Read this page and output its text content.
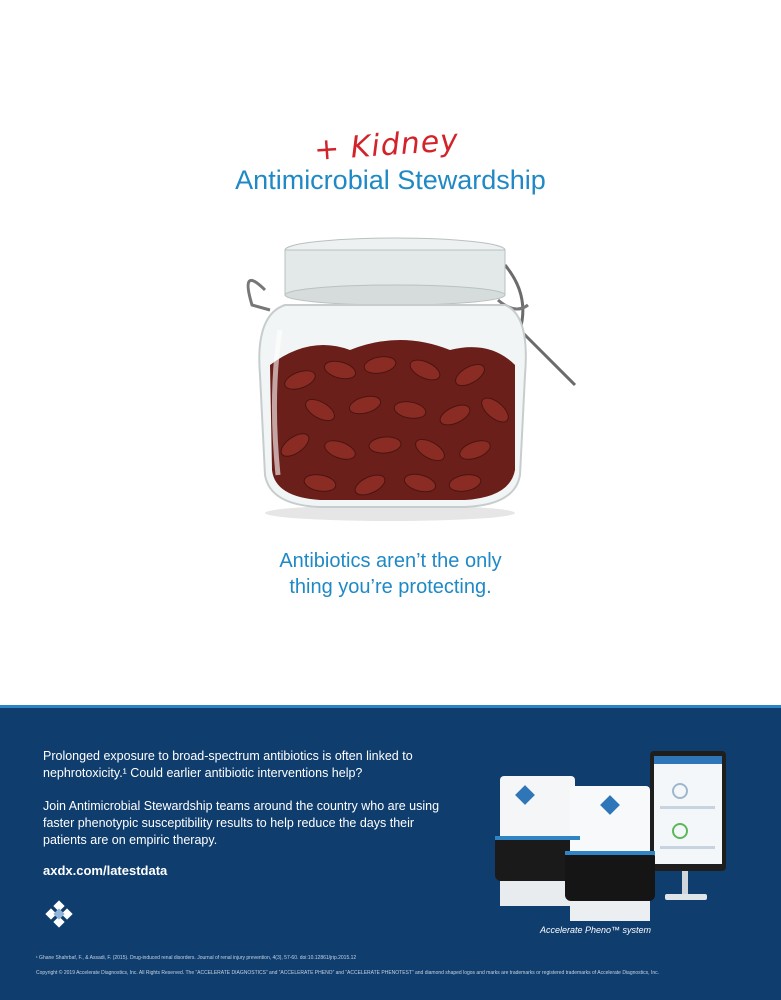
+ Kidney
Antimicrobial Stewardship
Antibiotics aren’t the only
thing you’re protecting.
Prolonged exposure to broad-spectrum antibiotics is often linked to nephrotoxicity.¹ Could earlier antibiotic interventions help?
Join Antimicrobial Stewardship teams around the country who are using faster phenotypic susceptibility results to help reduce the days their patients are on empiric therapy.
axdx.com/latestdata
Accelerate Pheno™ system
¹ Ghane Shahrbaf, F., & Assadi, F. (2015). Drug-induced renal disorders. Journal of renal injury prevention, 4(3), 57-60. doi:10.12861/jrip.2015.12
Copyright © 2019 Accelerate Diagnostics, Inc. All Rights Reserved. The “ACCELERATE DIAGNOSTICS” and “ACCELERATE PHENO” and “ACCELERATE PHENOTEST” and diamond shaped logos and marks are trademarks or registered trademarks of Accelerate Diagnostics, Inc.
